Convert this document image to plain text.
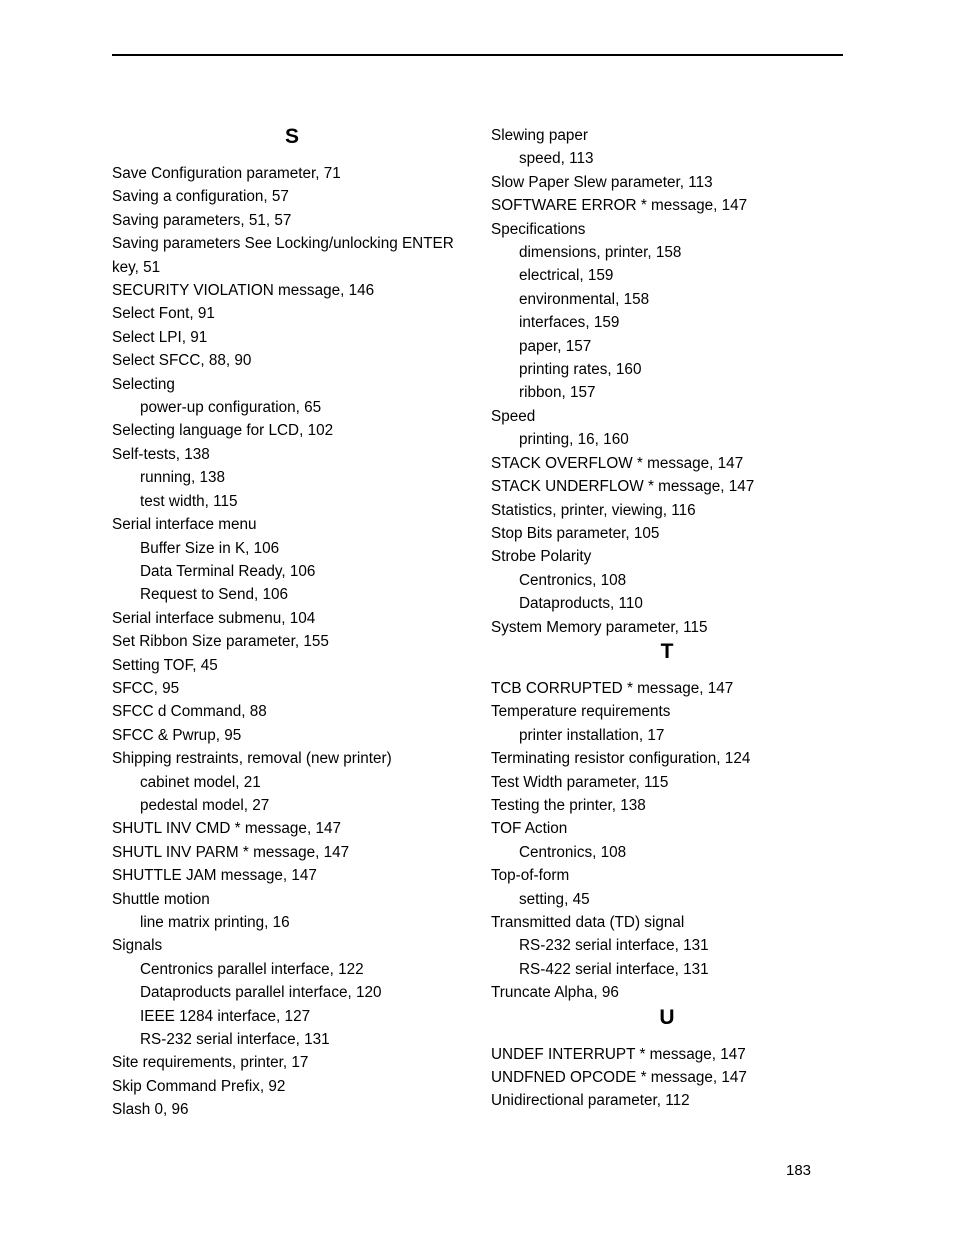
S
Save Configuration parameter, 71
Saving a configuration, 57
Saving parameters, 51, 57
Saving parameters See Locking/unlocking ENTER key, 51
SECURITY VIOLATION message, 146
Select Font, 91
Select LPI, 91
Select SFCC, 88, 90
Selecting
power-up configuration, 65
Selecting language for LCD, 102
Self-tests, 138
running, 138
test width, 115
Serial interface menu
Buffer Size in K, 106
Data Terminal Ready, 106
Request to Send, 106
Serial interface submenu, 104
Set Ribbon Size parameter, 155
Setting TOF, 45
SFCC, 95
SFCC d Command, 88
SFCC & Pwrup, 95
Shipping restraints, removal (new printer)
cabinet model, 21
pedestal model, 27
SHUTL INV CMD * message, 147
SHUTL INV PARM * message, 147
SHUTTLE JAM message, 147
Shuttle motion
line matrix printing, 16
Signals
Centronics parallel interface, 122
Dataproducts parallel interface, 120
IEEE 1284 interface, 127
RS-232 serial interface, 131
Site requirements, printer, 17
Skip Command Prefix, 92
Slash 0, 96
Slewing paper
speed, 113
Slow Paper Slew parameter, 113
SOFTWARE ERROR * message, 147
Specifications
dimensions, printer, 158
electrical, 159
environmental, 158
interfaces, 159
paper, 157
printing rates, 160
ribbon, 157
Speed
printing, 16, 160
STACK OVERFLOW * message, 147
STACK UNDERFLOW * message, 147
Statistics, printer, viewing, 116
Stop Bits parameter, 105
Strobe Polarity
Centronics, 108
Dataproducts, 110
System Memory parameter, 115
T
TCB CORRUPTED * message, 147
Temperature requirements
printer installation, 17
Terminating resistor configuration, 124
Test Width parameter, 115
Testing the printer, 138
TOF Action
Centronics, 108
Top-of-form
setting, 45
Transmitted data (TD) signal
RS-232 serial interface, 131
RS-422 serial interface, 131
Truncate Alpha, 96
U
UNDEF INTERRUPT * message, 147
UNDFNED OPCODE * message, 147
Unidirectional parameter, 112
183
